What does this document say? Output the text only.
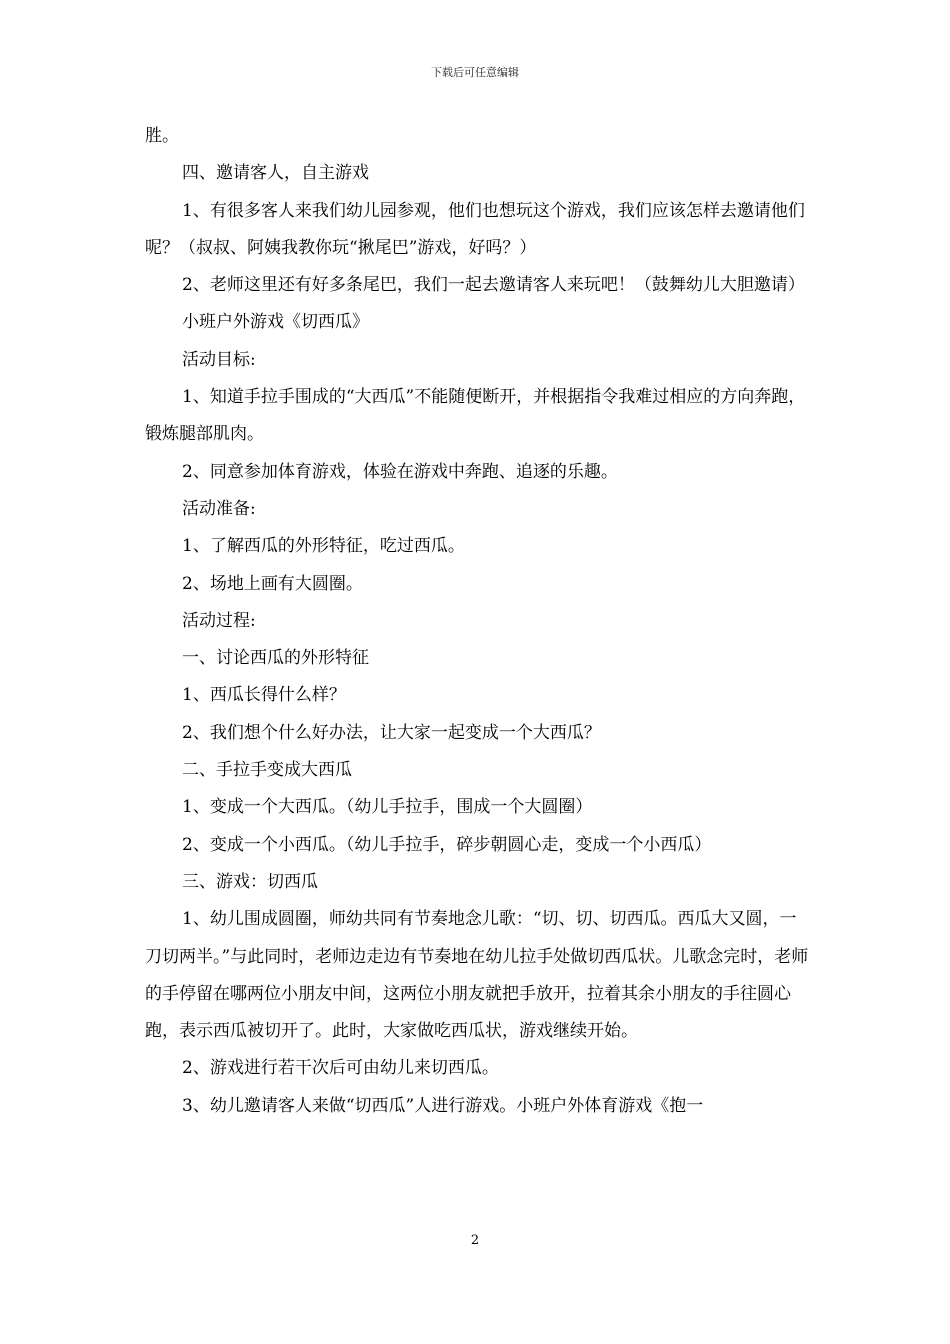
下载后可任意编辑

胜。

四、邀请客人，自主游戏

1、有很多客人来我们幼儿园参观，他们也想玩这个游戏，我们应该怎样去邀请他们呢？（叔叔、阿姨我教你玩“揪尾巴”游戏，好吗？）

2、老师这里还有好多条尾巴，我们一起去邀请客人来玩吧！（鼓舞幼儿大胆邀请）

小班户外游戏《切西瓜》

活动目标:

1、知道手拉手围成的“大西瓜”不能随便断开，并根据指令我难过相应的方向奔跑，锻炼腿部肌肉。

2、同意参加体育游戏，体验在游戏中奔跑、追逐的乐趣。

活动准备:

1、了解西瓜的外形特征，吃过西瓜。

2、场地上画有大圆圈。

活动过程:

一、讨论西瓜的外形特征

1、西瓜长得什么样？

2、我们想个什么好办法，让大家一起变成一个大西瓜？

二、手拉手变成大西瓜

1、变成一个大西瓜。（幼儿手拉手，围成一个大圆圈）

2、变成一个小西瓜。（幼儿手拉手，碎步朝圆心走，变成一个小西瓜）

三、游戏：切西瓜

1、幼儿围成圆圈，师幼共同有节奏地念儿歌：“切、切、切西瓜。西瓜大又圆，一刀切两半。”与此同时，老师边走边有节奏地在幼儿拉手处做切西瓜状。儿歌念完时，老师的手停留在哪两位小朋友中间，这两位小朋友就把手放开，拉着其余小朋友的手往圆心跑，表示西瓜被切开了。此时，大家做吃西瓜状，游戏继续开始。

2、游戏进行若干次后可由幼儿来切西瓜。

3、幼儿邀请客人来做“切西瓜”人进行游戏。小班户外体育游戏《抱一

2
